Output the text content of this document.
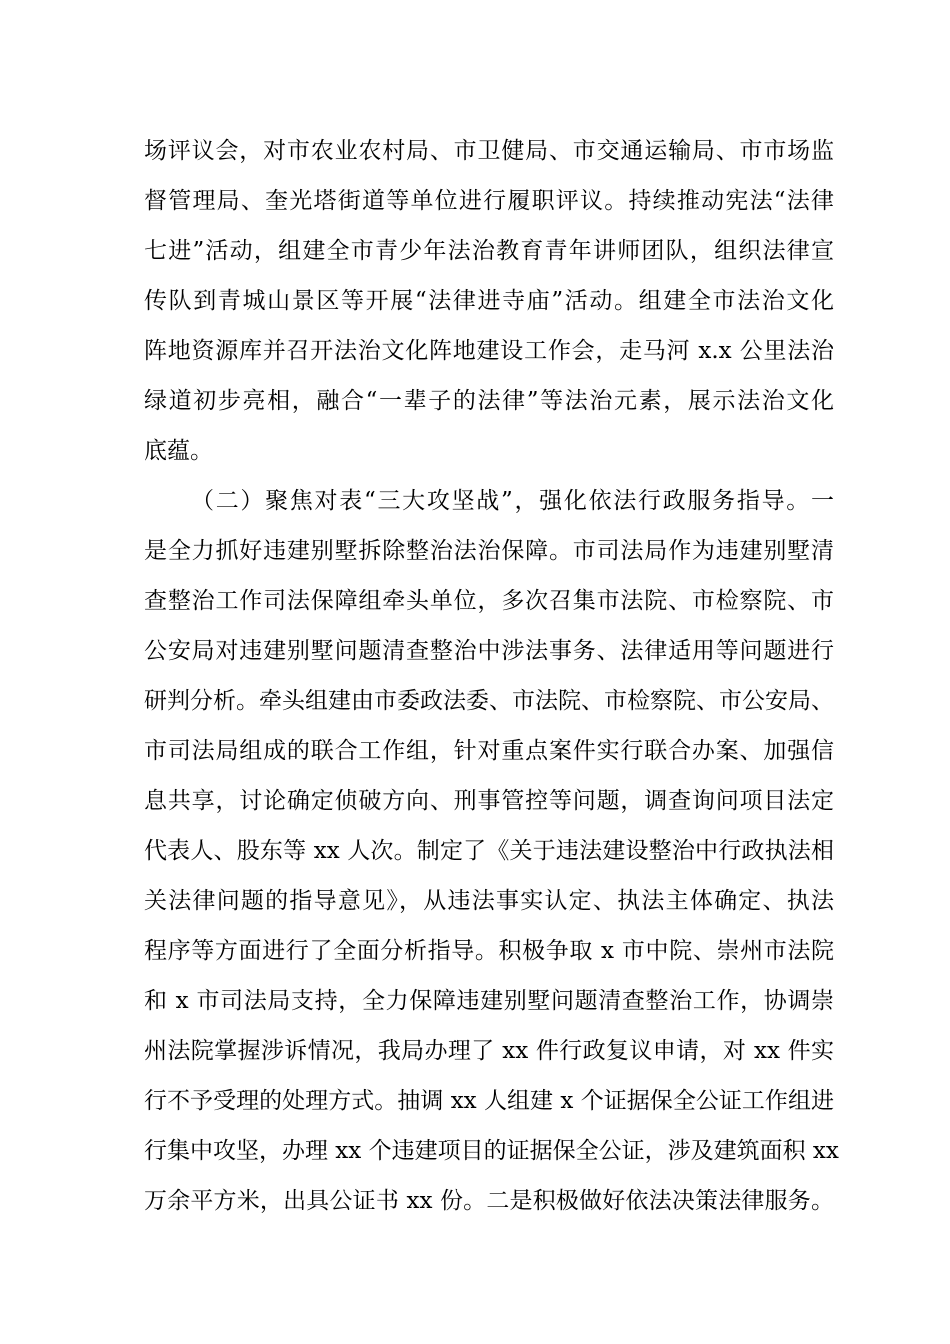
场评议会，对市农业农村局、市卫健局、市交通运输局、市市场监
督管理局、奎光塔街道等单位进行履职评议。持续推动宪法“法律
七进”活动，组建全市青少年法治教育青年讲师团队，组织法律宣
传队到青城山景区等开展“法律进寺庙”活动。组建全市法治文化
阵地资源库并召开法治文化阵地建设工作会，走马河 x.x 公里法治
绿道初步亮相，融合“一辈子的法律”等法治元素，展示法治文化
底蕴。
（二）聚焦对表“三大攻坚战”，强化依法行政服务指导。一
是全力抓好违建别墅拆除整治法治保障。市司法局作为违建别墅清
查整治工作司法保障组牵头单位，多次召集市法院、市检察院、市
公安局对违建别墅问题清查整治中涉法事务、法律适用等问题进行
研判分析。牵头组建由市委政法委、市法院、市检察院、市公安局、
市司法局组成的联合工作组，针对重点案件实行联合办案、加强信
息共享，讨论确定侦破方向、刑事管控等问题，调查询问项目法定
代表人、股东等 xx 人次。制定了《关于违法建设整治中行政执法相
关法律问题的指导意见》，从违法事实认定、执法主体确定、执法
程序等方面进行了全面分析指导。积极争取 x 市中院、崇州市法院
和 x 市司法局支持，全力保障违建别墅问题清查整治工作，协调崇
州法院掌握涉诉情况，我局办理了 xx 件行政复议申请，对 xx 件实
行不予受理的处理方式。抽调 xx 人组建 x 个证据保全公证工作组进
行集中攻坚，办理 xx 个违建项目的证据保全公证，涉及建筑面积 xx
万余平方米，出具公证书 xx 份。二是积极做好依法决策法律服务。
